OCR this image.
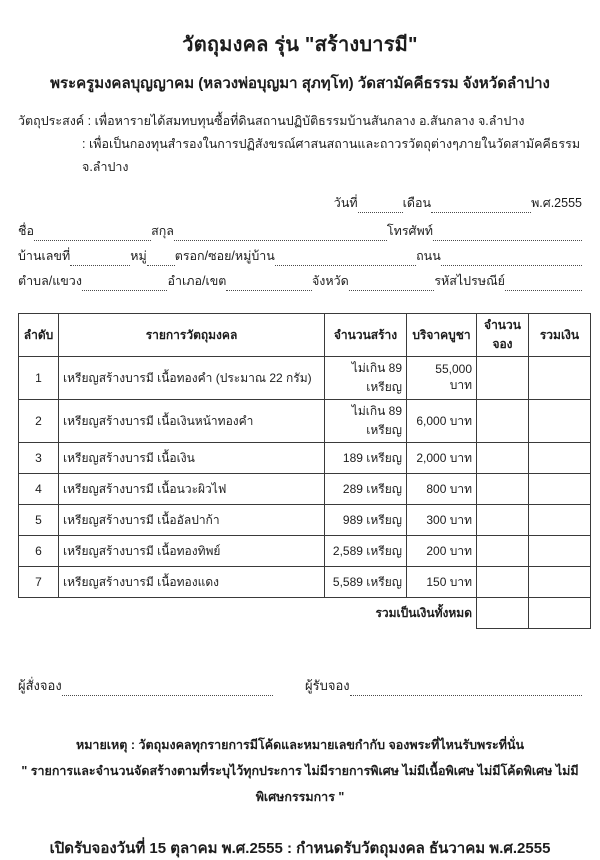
วัตถุมงคล รุ่น "สร้างบารมี"
พระครูมงคลบุญญาคม (หลวงพ่อบุญมา สุภทฺโท) วัดสามัคคีธรรม จังหวัดลำปาง
วัตถุประสงค์ : เพื่อหารายได้สมทบทุนซื้อที่ดินสถานปฏิบัติธรรมบ้านสันกลาง อ.สันกลาง จ.ลำปาง
: เพื่อเป็นกองทุนสำรองในการปฏิสังขรณ์ศาสนสถานและถาวรวัตถุต่างๆภายในวัดสามัคคีธรรม จ.ลำปาง
วันที่	เดือน	พ.ศ.2555
ชื่อ	สกุล	โทรศัพท์
บ้านเลขที่	หมู่ ตรอก/ซอย/หมู่บ้าน	ถนน
ตำบล/แขวง	อำเภอ/เขต	จังหวัด	รหัสไปรษณีย์
ลำดับ	รายการวัตถุมงคล	จำนวนสร้าง	บริจาคบูชา	จำนวนจอง	รวมเงิน
1	เหรียญสร้างบารมี เนื้อทองคำ (ประมาณ 22 กรัม)	ไม่เกิน 89 เหรียญ	55,000 บาท		
2	เหรียญสร้างบารมี เนื้อเงินหน้าทองคำ	ไม่เกิน 89 เหรียญ	6,000 บาท		
3	เหรียญสร้างบารมี เนื้อเงิน	189 เหรียญ	2,000 บาท		
4	เหรียญสร้างบารมี เนื้อนวะผิวไฟ	289 เหรียญ	800 บาท		
5	เหรียญสร้างบารมี เนื้ออัลปาก้า	989 เหรียญ	300 บาท		
6	เหรียญสร้างบารมี เนื้อทองทิพย์	2,589 เหรียญ	200 บาท		
7	เหรียญสร้างบารมี เนื้อทองแดง	5,589 เหรียญ	150 บาท		
รวมเป็นเงินทั้งหมด					
ผู้สั่งจอง	ผู้รับจอง
หมายเหตุ : วัตถุมงคลทุกรายการมีโค้ดและหมายเลขกำกับ จองพระที่ไหนรับพระที่นั่น
" รายการและจำนวนจัดสร้างตามที่ระบุไว้ทุกประการ ไม่มีรายการพิเศษ ไม่มีเนื้อพิเศษ ไม่มีโค้ดพิเศษ ไม่มีพิเศษกรรมการ "
เปิดรับจองวันที่ 15 ตุลาคม พ.ศ.2555 : กำหนดรับวัตถุมงคล ธันวาคม พ.ศ.2555
